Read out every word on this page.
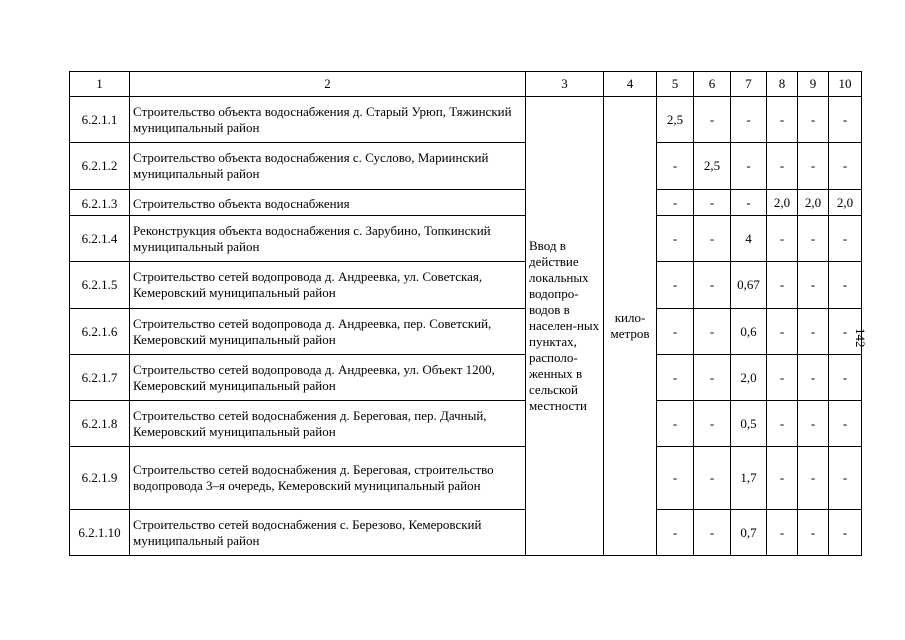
1	2	3	4	5	6	7	8	9	10
6.2.1.1	Строительство объекта водоснабжения д. Старый Урюп, Тяжинский муниципальный район	Ввод в действие локальных водопро-водов в населен-ных пунктах, располо-женных в сельской местности	кило-метров	2,5	-	-	-	-	-
6.2.1.2	Строительство объекта водоснабжения с. Суслово, Мариинский муниципальный район			-	2,5	-	-	-	-
6.2.1.3	Строительство объекта водоснабжения			-	-	-	2,0	2,0	2,0
6.2.1.4	Реконструкция объекта водоснабжения с. Зарубино, Топкинский муниципальный район			-	-	4	-	-	-
6.2.1.5	Строительство сетей водопровода д. Андреевка, ул. Советская, Кемеровский муниципальный район			-	-	0,67	-	-	-
6.2.1.6	Строительство сетей водопровода д. Андреевка, пер. Советский, Кемеровский муниципальный район			-	-	0,6	-	-	-
6.2.1.7	Строительство сетей водопровода д. Андреевка, ул. Объект 1200, Кемеровский муниципальный район			-	-	2,0	-	-	-
6.2.1.8	Строительство сетей водоснабжения д. Береговая, пер. Дачный, Кемеровский муниципальный район			-	-	0,5	-	-	-
6.2.1.9	Строительство сетей водоснабжения д. Береговая, строительство водопровода 3–я очередь, Кемеровский муниципальный район			-	-	1,7	-	-	-
6.2.1.10	Строительство сетей водоснабжения с. Березово, Кемеровский муниципальный район			-	-	0,7	-	-	-
142
